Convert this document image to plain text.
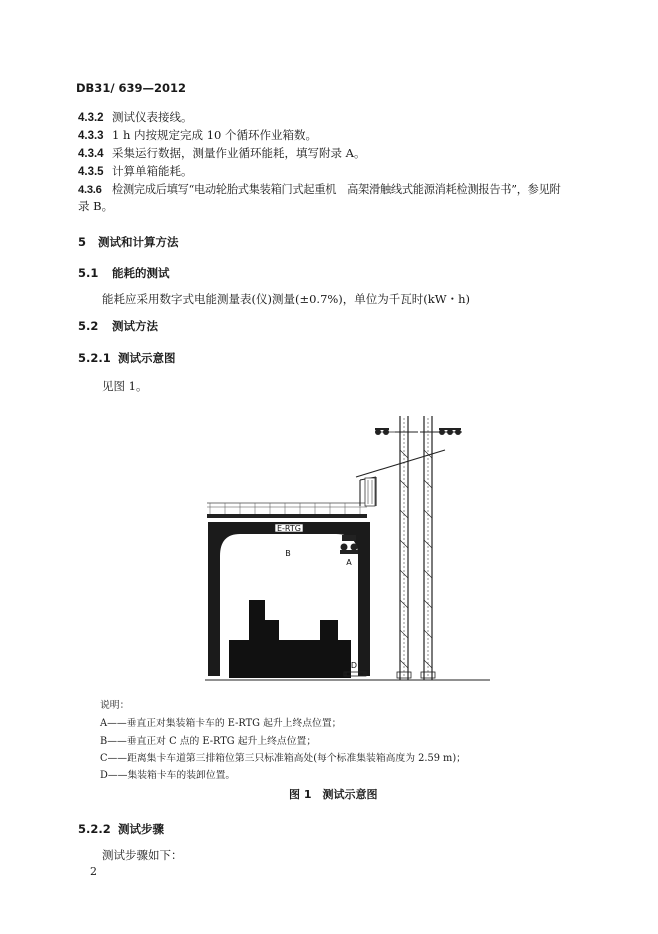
DB31/ 639—2012
4.3.2 测试仪表接线。
4.3.3 1 h 内按规定完成 10 个循环作业箱数。
4.3.4 采集运行数据，测量作业循环能耗，填写附录 A。
4.3.5 计算单箱能耗。
4.3.6 检测完成后填写“电动轮胎式集装箱门式起重机　高架滑触线式能源消耗检测报告书”，参见附
录 B。
5 测试和计算方法
5.1 能耗的测试
能耗应采用数字式电能测量表(仪)测量(±0.7%)，单位为千瓦时(kW・h)
5.2 测试方法
5.2.1 测试示意图
见图 1。
E-RTG
B
A
C
D
说明：
A——垂直正对集装箱卡车的 E-RTG 起升上终点位置；
B——垂直正对 C 点的 E-RTG 起升上终点位置；
C——距离集卡车道第三排箱位第三只标准箱高处(每个标准集装箱高度为 2.59 m)；
D——集装箱卡车的装卸位置。
图 1　测试示意图
5.2.2 测试步骤
测试步骤如下：
2
